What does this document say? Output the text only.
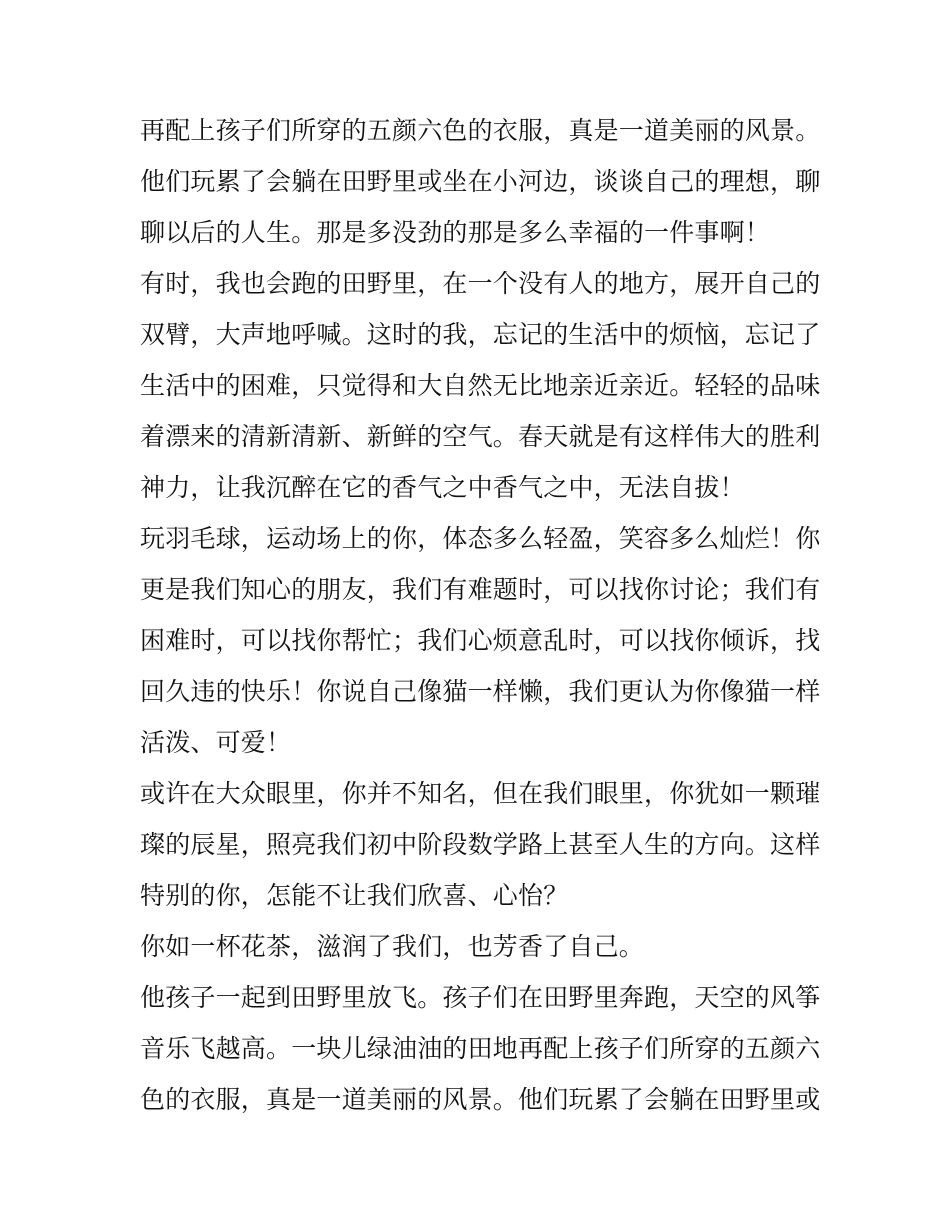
再配上孩子们所穿的五颜六色的衣服，真是一道美丽的风景。
他们玩累了会躺在田野里或坐在小河边，谈谈自己的理想，聊
聊以后的人生。那是多没劲的那是多么幸福的一件事啊！
有时，我也会跑的田野里，在一个没有人的地方，展开自己的
双臂，大声地呼喊。这时的我，忘记的生活中的烦恼，忘记了
生活中的困难，只觉得和大自然无比地亲近亲近。轻轻的品味
着漂来的清新清新、新鲜的空气。春天就是有这样伟大的胜利
神力，让我沉醉在它的香气之中香气之中，无法自拔！
玩羽毛球，运动场上的你，体态多么轻盈，笑容多么灿烂！你
更是我们知心的朋友，我们有难题时，可以找你讨论；我们有
困难时，可以找你帮忙；我们心烦意乱时，可以找你倾诉，找
回久违的快乐！你说自己像猫一样懒，我们更认为你像猫一样
活泼、可爱！
或许在大众眼里，你并不知名，但在我们眼里，你犹如一颗璀
璨的辰星，照亮我们初中阶段数学路上甚至人生的方向。这样
特别的你，怎能不让我们欣喜、心怡？
你如一杯花茶，滋润了我们，也芳香了自己。
他孩子一起到田野里放飞。孩子们在田野里奔跑，天空的风筝
音乐飞越高。一块儿绿油油的田地再配上孩子们所穿的五颜六
色的衣服，真是一道美丽的风景。他们玩累了会躺在田野里或
